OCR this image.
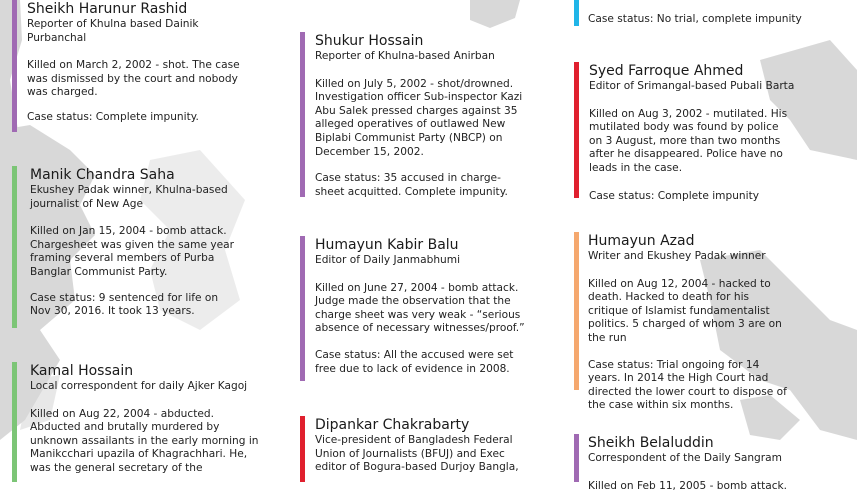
Sheikh Harunur Rashid
Reporter of Khulna based Dainik Purbanchal
Killed on March 2, 2002 - shot. The case was dismissed by the court and nobody was charged.
Case status: Complete impunity.
Manik Chandra Saha
Ekushey Padak winner, Khulna-based journalist of New Age
Killed on Jan 15, 2004 - bomb attack. Chargesheet was given the same year framing several members of Purba Banglar Communist Party.
Case status: 9 sentenced for life on Nov 30, 2016. It took 13 years.
Kamal Hossain
Local correspondent for daily Ajker Kagoj
Killed on Aug 22, 2004 - abducted. Abducted and brutally murdered by unknown assailants in the early morning in Manikcchari upazila of Khagrachhari. He, was the general secretary of the
Shukur Hossain
Reporter of Khulna-based Anirban
Killed on July 5, 2002 - shot/drowned. Investigation officer Sub-inspector Kazi Abu Salek pressed charges against 35 alleged operatives of outlawed New Biplabi Communist Party (NBCP) on December 15, 2002.
Case status: 35 accused in charge-sheet acquitted. Complete impunity.
Humayun Kabir Balu
Editor of Daily Janmabhumi
Killed on June 27, 2004 - bomb attack. Judge made the observation that the charge sheet was very weak - “serious absence of necessary witnesses/proof.”
Case status: All the accused were set free due to lack of evidence in 2008.
Dipankar Chakrabarty
Vice-president of Bangladesh Federal Union of Journalists (BFUJ) and Exec editor of Bogura-based Durjoy Bangla,
Case status: No trial, complete impunity
Syed Farroque Ahmed
Editor of Srimangal-based Pubali Barta
Killed on Aug 3, 2002 - mutilated. His mutilated body was found by police on 3 August, more than two months after he disappeared. Police have no leads in the case.
Case status: Complete impunity
Humayun Azad
Writer and Ekushey Padak winner
Killed on Aug 12, 2004 - hacked to death. Hacked to death for his critique of Islamist fundamentalist politics. 5 charged of whom 3 are on the run
Case status: Trial ongoing for 14 years. In 2014 the High Court had directed the lower court to dispose of the case within six months.
Sheikh Belaluddin
Correspondent of the Daily Sangram
Killed on Feb 11, 2005 - bomb attack.
